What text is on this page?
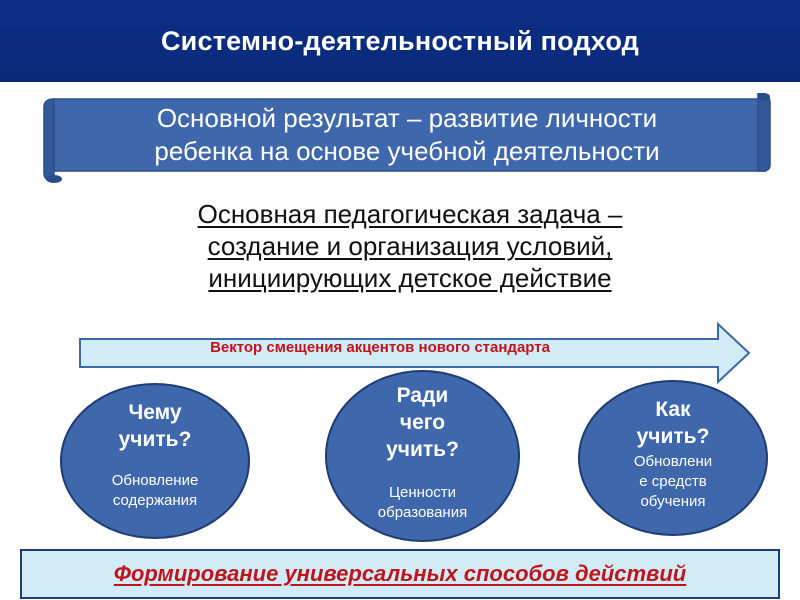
Системно-деятельностный подход
Основной результат – развитие личности
ребенка на основе учебной деятельности
Основная педагогическая задача –
создание и организация условий,
инициирующих детское действие
Вектор смещения акцентов нового стандарта
Чему
учить?
Обновление
содержания
Ради
чего
учить?
Ценности
образования
Как
учить?
Обновлени
е средств
обучения
Формирование универсальных способов действий
